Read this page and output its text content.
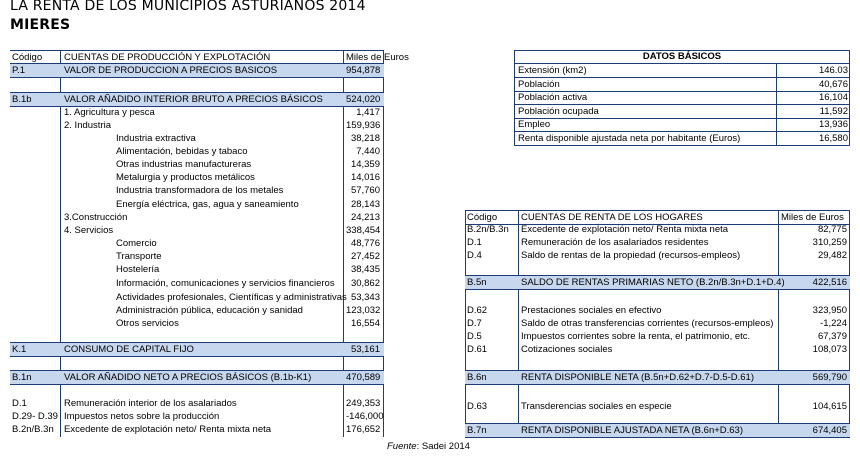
LA RENTA DE LOS MUNICIPIOS ASTURIANOS 2014
MIERES
Código	CUENTAS DE PRODUCCIÓN Y EXPLOTACIÓN	Miles de Euros
P.1	VALOR DE PRODUCCION A PRECIOS BASICOS	954,878
B.1b	VALOR AÑADIDO INTERIOR BRUTO A PRECIOS BÁSICOS	524,020
1. Agricultura y pesca	1,417
2. Industria	159,936
Industria extractiva	38,218
Alimentación, bebidas y tabaco	7,440
Otras industrias manufactureras	14,359
Metalurgia y productos metálicos	14,016
Industria transformadora de los metales	57,760
Energía eléctrica, gas, agua y saneamiento	28,143
3.Construcción	24,213
4. Servicios	338,454
Comercio	48,776
Transporte	27,452
Hostelería	38,435
Información, comunicaciones y servicios financieros	30,862
Actividades profesionales, Científicas y administrativas 53,343
Administración pública, educación y sanidad	123,032
Otros servicios	16,554
K.1	CONSUMO DE CAPITAL FIJO	53,161
B.1n	VALOR AÑADIDO NETO A PRECIOS BÁSICOS (B.1b-K1)	470,589
D.1	Remuneración interior de los asalariados	249,353
D.29- D.39 Impuestos netos sobre la producción	-146,000
B.2n/B.3n	Excedente de explotación neto/ Renta mixta neta	176,652
DATOS BÁSICOS
Extensión (km2)	146.03
Población	40,676
Población activa	16,104
Población ocupada	11,592
Empleo	13,936
Renta disponible ajustada neta por habitante (Euros)	16,580
Código	CUENTAS DE RENTA DE LOS HOGARES	Miles de Euros
B.2n/B.3n	Excedente de explotación neto/ Renta mixta neta	82,775
D.1	Remuneración de los asalariados residentes	310,259
D.4	Saldo de rentas de la propiedad (recursos-empleos)	29,482
B.5n	SALDO DE RENTAS PRIMARIAS NETO (B.2n/B.3n+D.1+D.4)	422,516
D.62	Prestaciones sociales en efectivo	323,950
D.7	Saldo de otras transferencias corrientes (recursos-empleos)	-1,224
D.5	Impuestos corrientes sobre la renta, el patrimonio, etc.	67,379
D.61	Cotizaciones sociales	108,073
B.6n	RENTA DISPONIBLE NETA (B.5n+D.62+D.7-D.5-D.61)	569,790
D.63	Transderencias sociales en especie	104,615
B.7n	RENTA DISPONIBLE AJUSTADA NETA (B.6n+D.63)	674,405
Fuente: Sadei 2014
